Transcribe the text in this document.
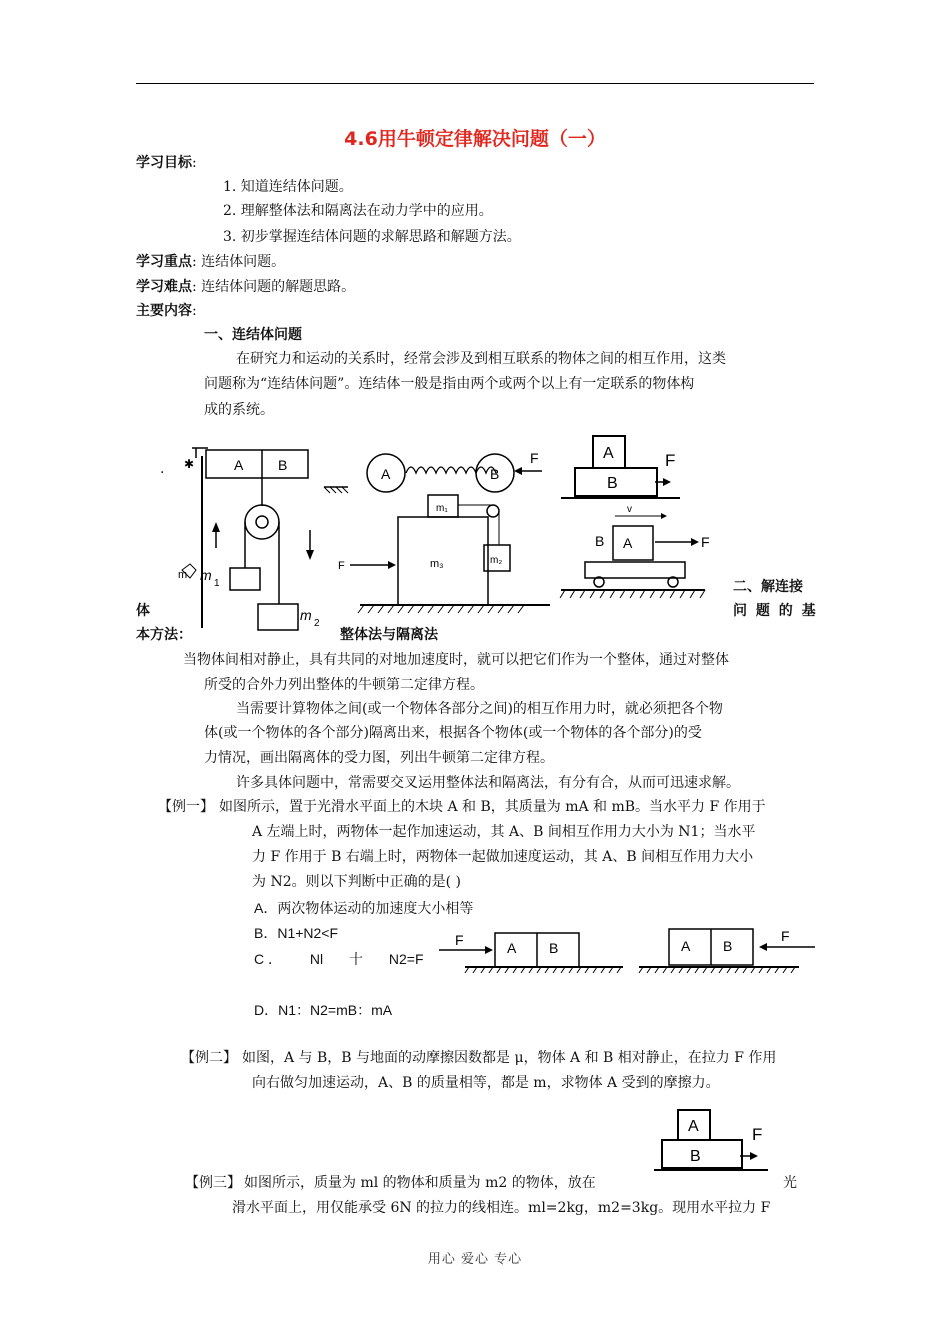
4.6用牛顿定律解决问题（一）
学习目标:
1. 知道连结体问题。
2. 理解整体法和隔离法在动力学中的应用。
3. 初步掌握连结体问题的求解思路和解题方法。
学习重点: 连结体问题。
学习难点: 连结体问题的解题思路。
主要内容:
一、连结体问题
在研究力和运动的关系时，经常会涉及到相互联系的物体之间的相互作用，这类
问题称为“连结体问题”。连结体一般是指由两个或两个以上有一定联系的物体构
成的系统。
✱	A B
m m
1
m
2
A	B
F
m₁
m₃	m₂
F
A
B
F
v
B A	F
·
二、解连接
体	问 题 的 基
本方法：	整体法与隔离法
当物体间相对静止，具有共同的对地加速度时，就可以把它们作为一个整体，通过对整体
所受的合外力列出整体的牛顿第二定律方程。
当需要计算物体之间(或一个物体各部分之间)的相互作用力时，就必须把各个物
体(或一个物体的各个部分)隔离出来，根据各个物体(或一个物体的各个部分)的受
力情况，画出隔离体的受力图，列出牛顿第二定律方程。
许多具体问题中，常需要交叉运用整体法和隔离法，有分有合，从而可迅速求解。
【例一】 如图所示，置于光滑水平面上的木块 A 和 B，其质量为 mA 和 mB。当水平力 F 作用于
A 左端上时，两物体一起作加速运动，其 A、B 间相互作用力大小为 N1；当水平
力 F 作用于 B 右端上时，两物体一起做加速度运动，其 A、B 间相互作用力大小
为 N2。则以下判断中正确的是( )
A．两次物体运动的加速度大小相等
B．N1+N2<F
C ． Nl 十 N2=F
D．N1：N2=mB：mA
F	A B	A B
F
【例二】 如图，A 与 B，B 与地面的动摩擦因数都是 μ，物体 A 和 B 相对静止，在拉力 F 作用
向右做匀加速运动，A、B 的质量相等，都是 m，求物体 A 受到的摩擦力。
A
B
F
【例三】 如图所示，质量为 ml 的物体和质量为 m2 的物体，放在	光
滑水平面上，用仅能承受 6N 的拉力的线相连。ml=2kg，m2=3kg。现用水平拉力 F
用心 爱心 专心
